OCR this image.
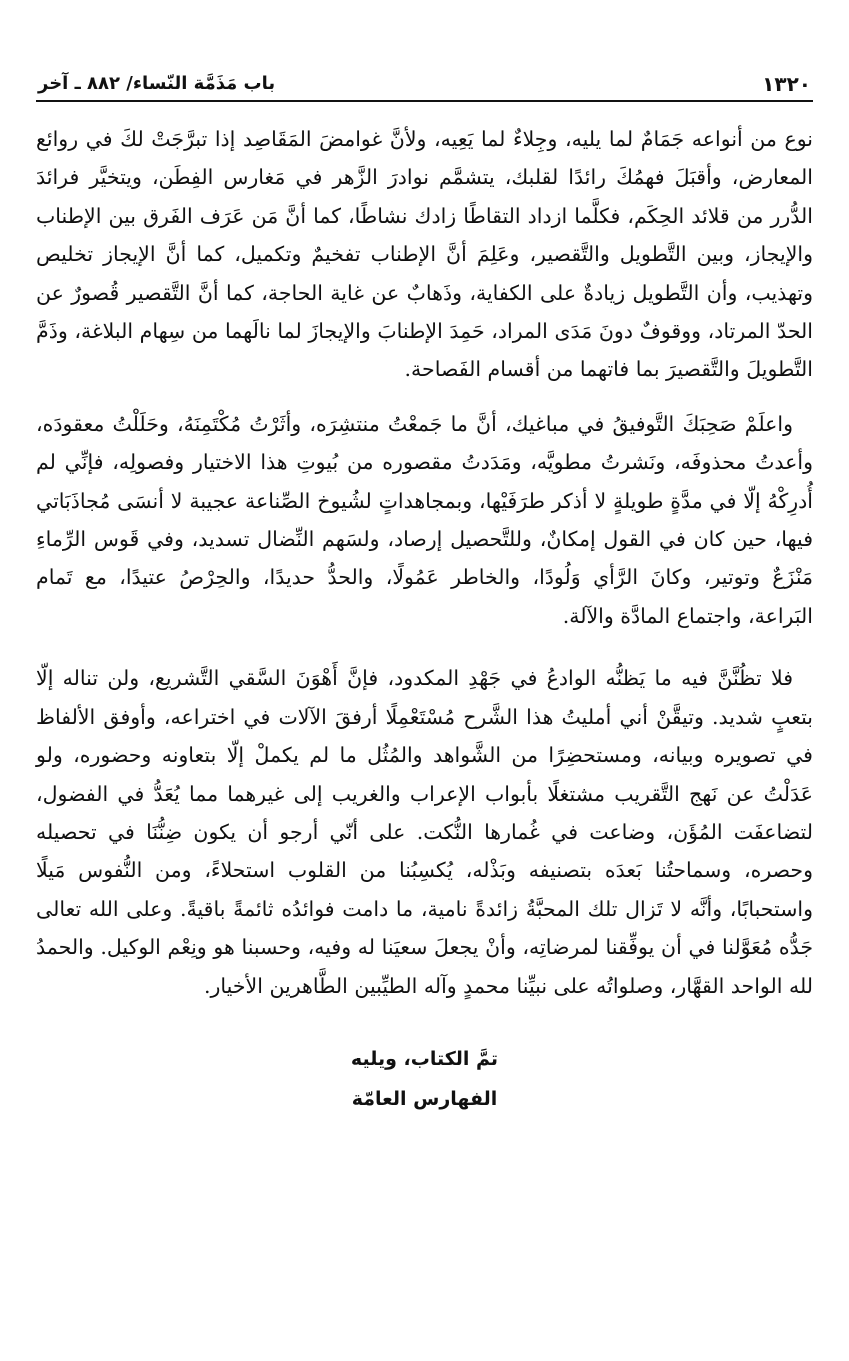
١٣٢٠
باب مَذَمَّة النّساء/ ٨٨٢ ـ آخر

نوع من أنواعه جَمَامٌ لما يليه، وجِلاءٌ لما يَعِيه، ولأنَّ غوامضَ المَقَاصِد إذا تبرَّجَتْ لكَ في روائع المعارض، وأقبَلَ فهمُكَ رائدًا لقلبك، يتشمَّم نوادرَ الزَّهر في مَغارس الفِطَن، ويتخيَّر فرائدَ الدُّرر من قلائد الحِكَم، فكلَّما ازداد التقاطًا زادك نشاطًا، كما أنَّ مَن عَرَف الفَرق بين الإطناب والإيجاز، وبين التَّطويل والتَّقصير، وعَلِمَ أنَّ الإطناب تفخيمٌ وتكميل، كما أنَّ الإيجاز تخليص وتهذيب، وأن التَّطويل زيادةٌ على الكفاية، وذَهابٌ عن غاية الحاجة، كما أنَّ التَّقصير قُصورٌ عن الحدّ المرتاد، ووقوفٌ دونَ مَدَى المراد، حَمِدَ الإطنابَ والإيجازَ لما نالَهما من سِهام البلاغة، وذَمَّ التَّطويلَ والتَّقصيرَ بما فاتهما من أقسام الفَصاحة.

واعلَمْ صَحِبَكَ التَّوفيقُ في مباغيك، أنَّ ما جَمعْتُ منتشِرَه، وأثَرْتُ مُكْتَمِنَهُ، وحَلَلْتُ معقودَه، وأعدتُ محذوفَه، ونَشرتُ مطويَّه، ومَدَدتُ مقصوره من بُيوتِ هذا الاختيار وفصولِه، فإنِّي لم أُدرِكْهُ إلّا في مدَّةٍ طويلةٍ لا أذكر طرَفَيْها، وبمجاهداتٍ لشُيوخ الصِّناعة عجيبة لا أنسَى مُجاذَبَاتي فيها، حين كان في القول إمكانٌ، وللتَّحصيل إرصاد، ولسَهم النِّضال تسديد، وفي قَوس الرِّماءِ مَنْزَعٌ وتوتير، وكانَ الرَّأي وَلُودًا، والخاطر عَمُولًا، والحدُّ حديدًا، والحِرْصُ عتيدًا، مع تَمام البَراعة، واجتماع المادَّة والآلة.

فلا تظُنَّنَّ فيه ما يَظنُّه الوادعُ في جَهْدِ المكدود، فإنَّ أَهْوَنَ السَّقي التَّشريع، ولن تناله إلّا بتعبٍ شديد. وتيقَّنْ أني أمليتُ هذا الشَّرح مُسْتَعْمِلًا أرفقَ الآلات في اختراعه، وأوفق الألفاظ في تصويره وبيانه، ومستحضِرًا من الشَّواهد والمُثُل ما لم يكملْ إلّا بتعاونه وحضوره، ولو عَدَلْتُ عن نَهج التَّقريب مشتغلًا بأبواب الإعراب والغريب إلى غيرهما مما يُعَدُّ في الفضول، لتضاعفَت المُؤَن، وضاعت في غُمارها النُّكت. على أنّي أرجو أن يكون ضِنُّنَا في تحصيله وحصره، وسماحتُنا بَعدَه بتصنيفه وبَذْله، يُكسِبُنا من القلوب استحلاءً، ومن النُّفوس مَيلًا واستحبابًا، وأنَّه لا تَزال تلك المحبَّةُ زائدةً نامية، ما دامت فوائدُه ثائمةً باقيةً. وعلى الله تعالى جَدُّه مُعَوَّلنا في أن يوفِّقنا لمرضاتِه، وأنْ يجعلَ سعيَنا له وفيه، وحسبنا هو ونِعْم الوكيل. والحمدُ لله الواحد القهَّار، وصلواتُه على نبيِّنا محمدٍ وآله الطيِّبين الطَّاهرين الأخيار.

تمَّ الكتاب، ويليه
الفهارس العامّة
